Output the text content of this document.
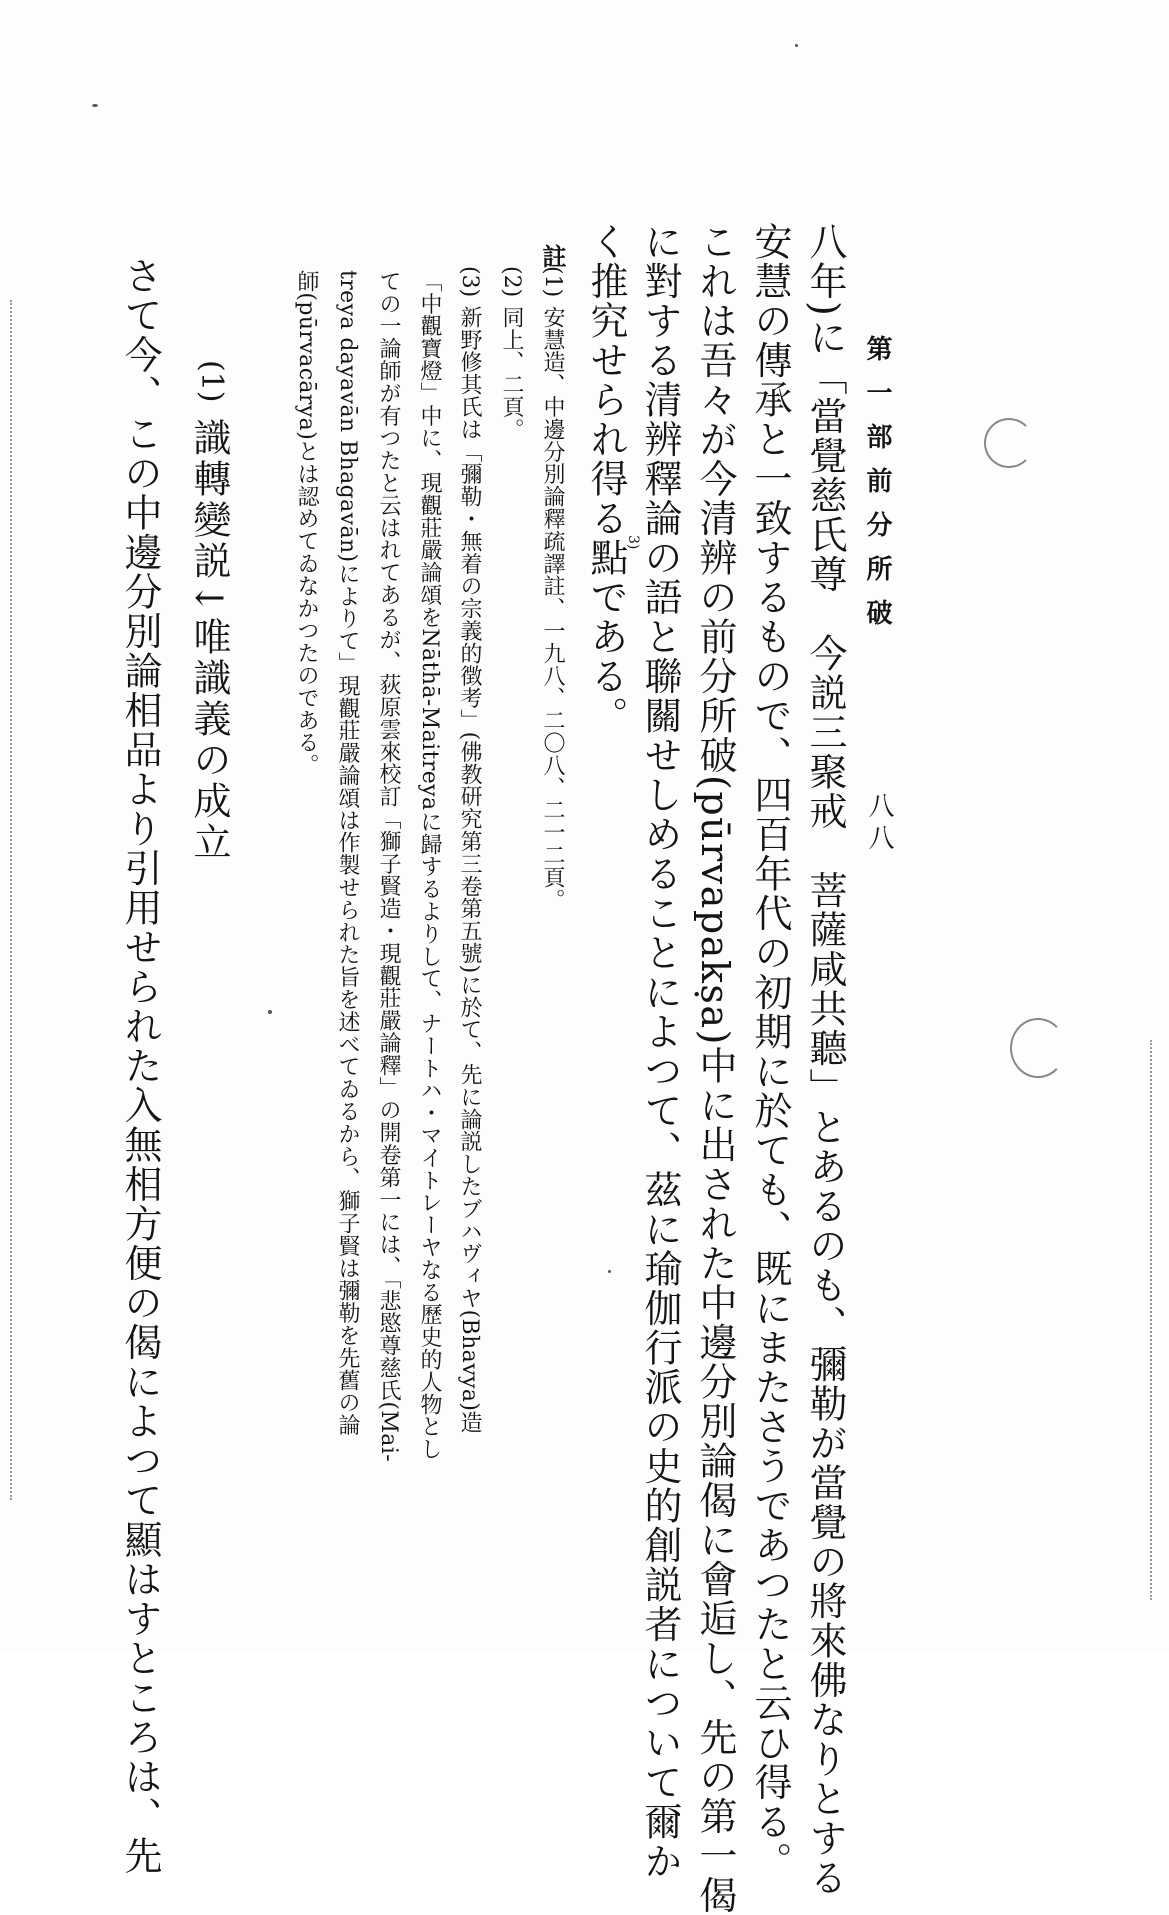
第一部前分所破
八八
八年)に「當覺慈氏尊　今説三聚戒　菩薩咸共聽」とあるのも、彌勒が當覺の將來佛なりとする
安慧の傳承と一致するもので、四百年代の初期に於ても、既にまたさうであつたと云ひ得る。
これは吾々が今清辨の前分所破(pūrvapakṣa)中に出された中邊分別論偈に會逅し、先の第一偈
に對する清辨釋論の語と聯關せしめることによつて、茲に瑜伽行派の史的創説者について爾か
く推究せられ得る點である。
3)
註
(1)
安慧造、中邊分別論釋疏譯註、一九八、二〇八、二一二頁。
(2)
同上、二頁。
(3)
新野修其氏は「彌勒・無着の宗義的徴考」(佛教研究第三卷第五號)に於て、先に論説したブハヴィヤ(Bhavya)造
「中觀寶燈」中に、現觀莊嚴論頌をNāthā-Maitreyaに歸するよりして、ナートハ・マイトレーヤなる歷史的人物とし
ての一論師が有つたと云はれてあるが、荻原雲來校訂「獅子賢造・現觀莊嚴論釋」の開卷第一には、「悲愍尊慈氏(Mai-
treya dayavān Bhagavān)によりて」現觀莊嚴論頌は作製せられた旨を述べてゐるから、獅子賢は彌勒を先舊の論
師(pūrvacārya)とは認めてゐなかつたのである。
(1)
識轉變説↓唯識義の成立
さて今、この中邊分別論相品より引用せられた入無相方便の偈によつて顯はすところは、先
